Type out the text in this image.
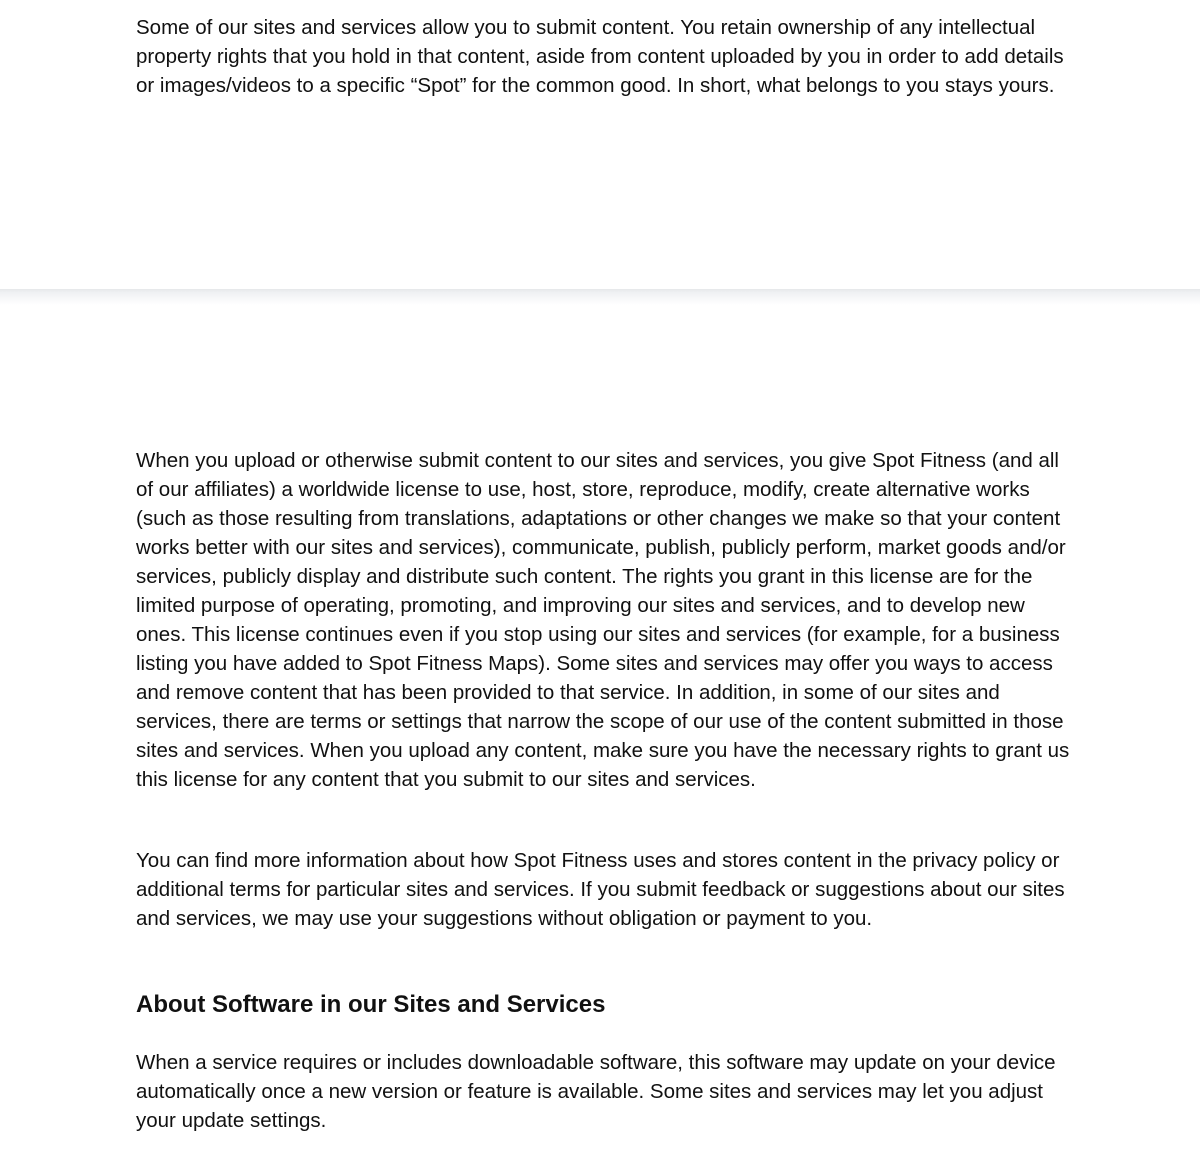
Some of our sites and services allow you to submit content. You retain ownership of any intellectual property rights that you hold in that content, aside from content uploaded by you in order to add details or images/videos to a specific “Spot” for the common good. In short, what belongs to you stays yours.

When you upload or otherwise submit content to our sites and services, you give Spot Fitness (and all of our affiliates) a worldwide license to use, host, store, reproduce, modify, create alternative works (such as those resulting from translations, adaptations or other changes we make so that your content works better with our sites and services), communicate, publish, publicly perform, market goods and/or services, publicly display and distribute such content. The rights you grant in this license are for the limited purpose of operating, promoting, and improving our sites and services, and to develop new ones. This license continues even if you stop using our sites and services (for example, for a business listing you have added to Spot Fitness Maps). Some sites and services may offer you ways to access and remove content that has been provided to that service. In addition, in some of our sites and services, there are terms or settings that narrow the scope of our use of the content submitted in those sites and services. When you upload any content, make sure you have the necessary rights to grant us this license for any content that you submit to our sites and services.

You can find more information about how Spot Fitness uses and stores content in the privacy policy or additional terms for particular sites and services. If you submit feedback or suggestions about our sites and services, we may use your suggestions without obligation or payment to you.

About Software in our Sites and Services

When a service requires or includes downloadable software, this software may update on your device automatically once a new version or feature is available. Some sites and services may let you adjust your update settings.
